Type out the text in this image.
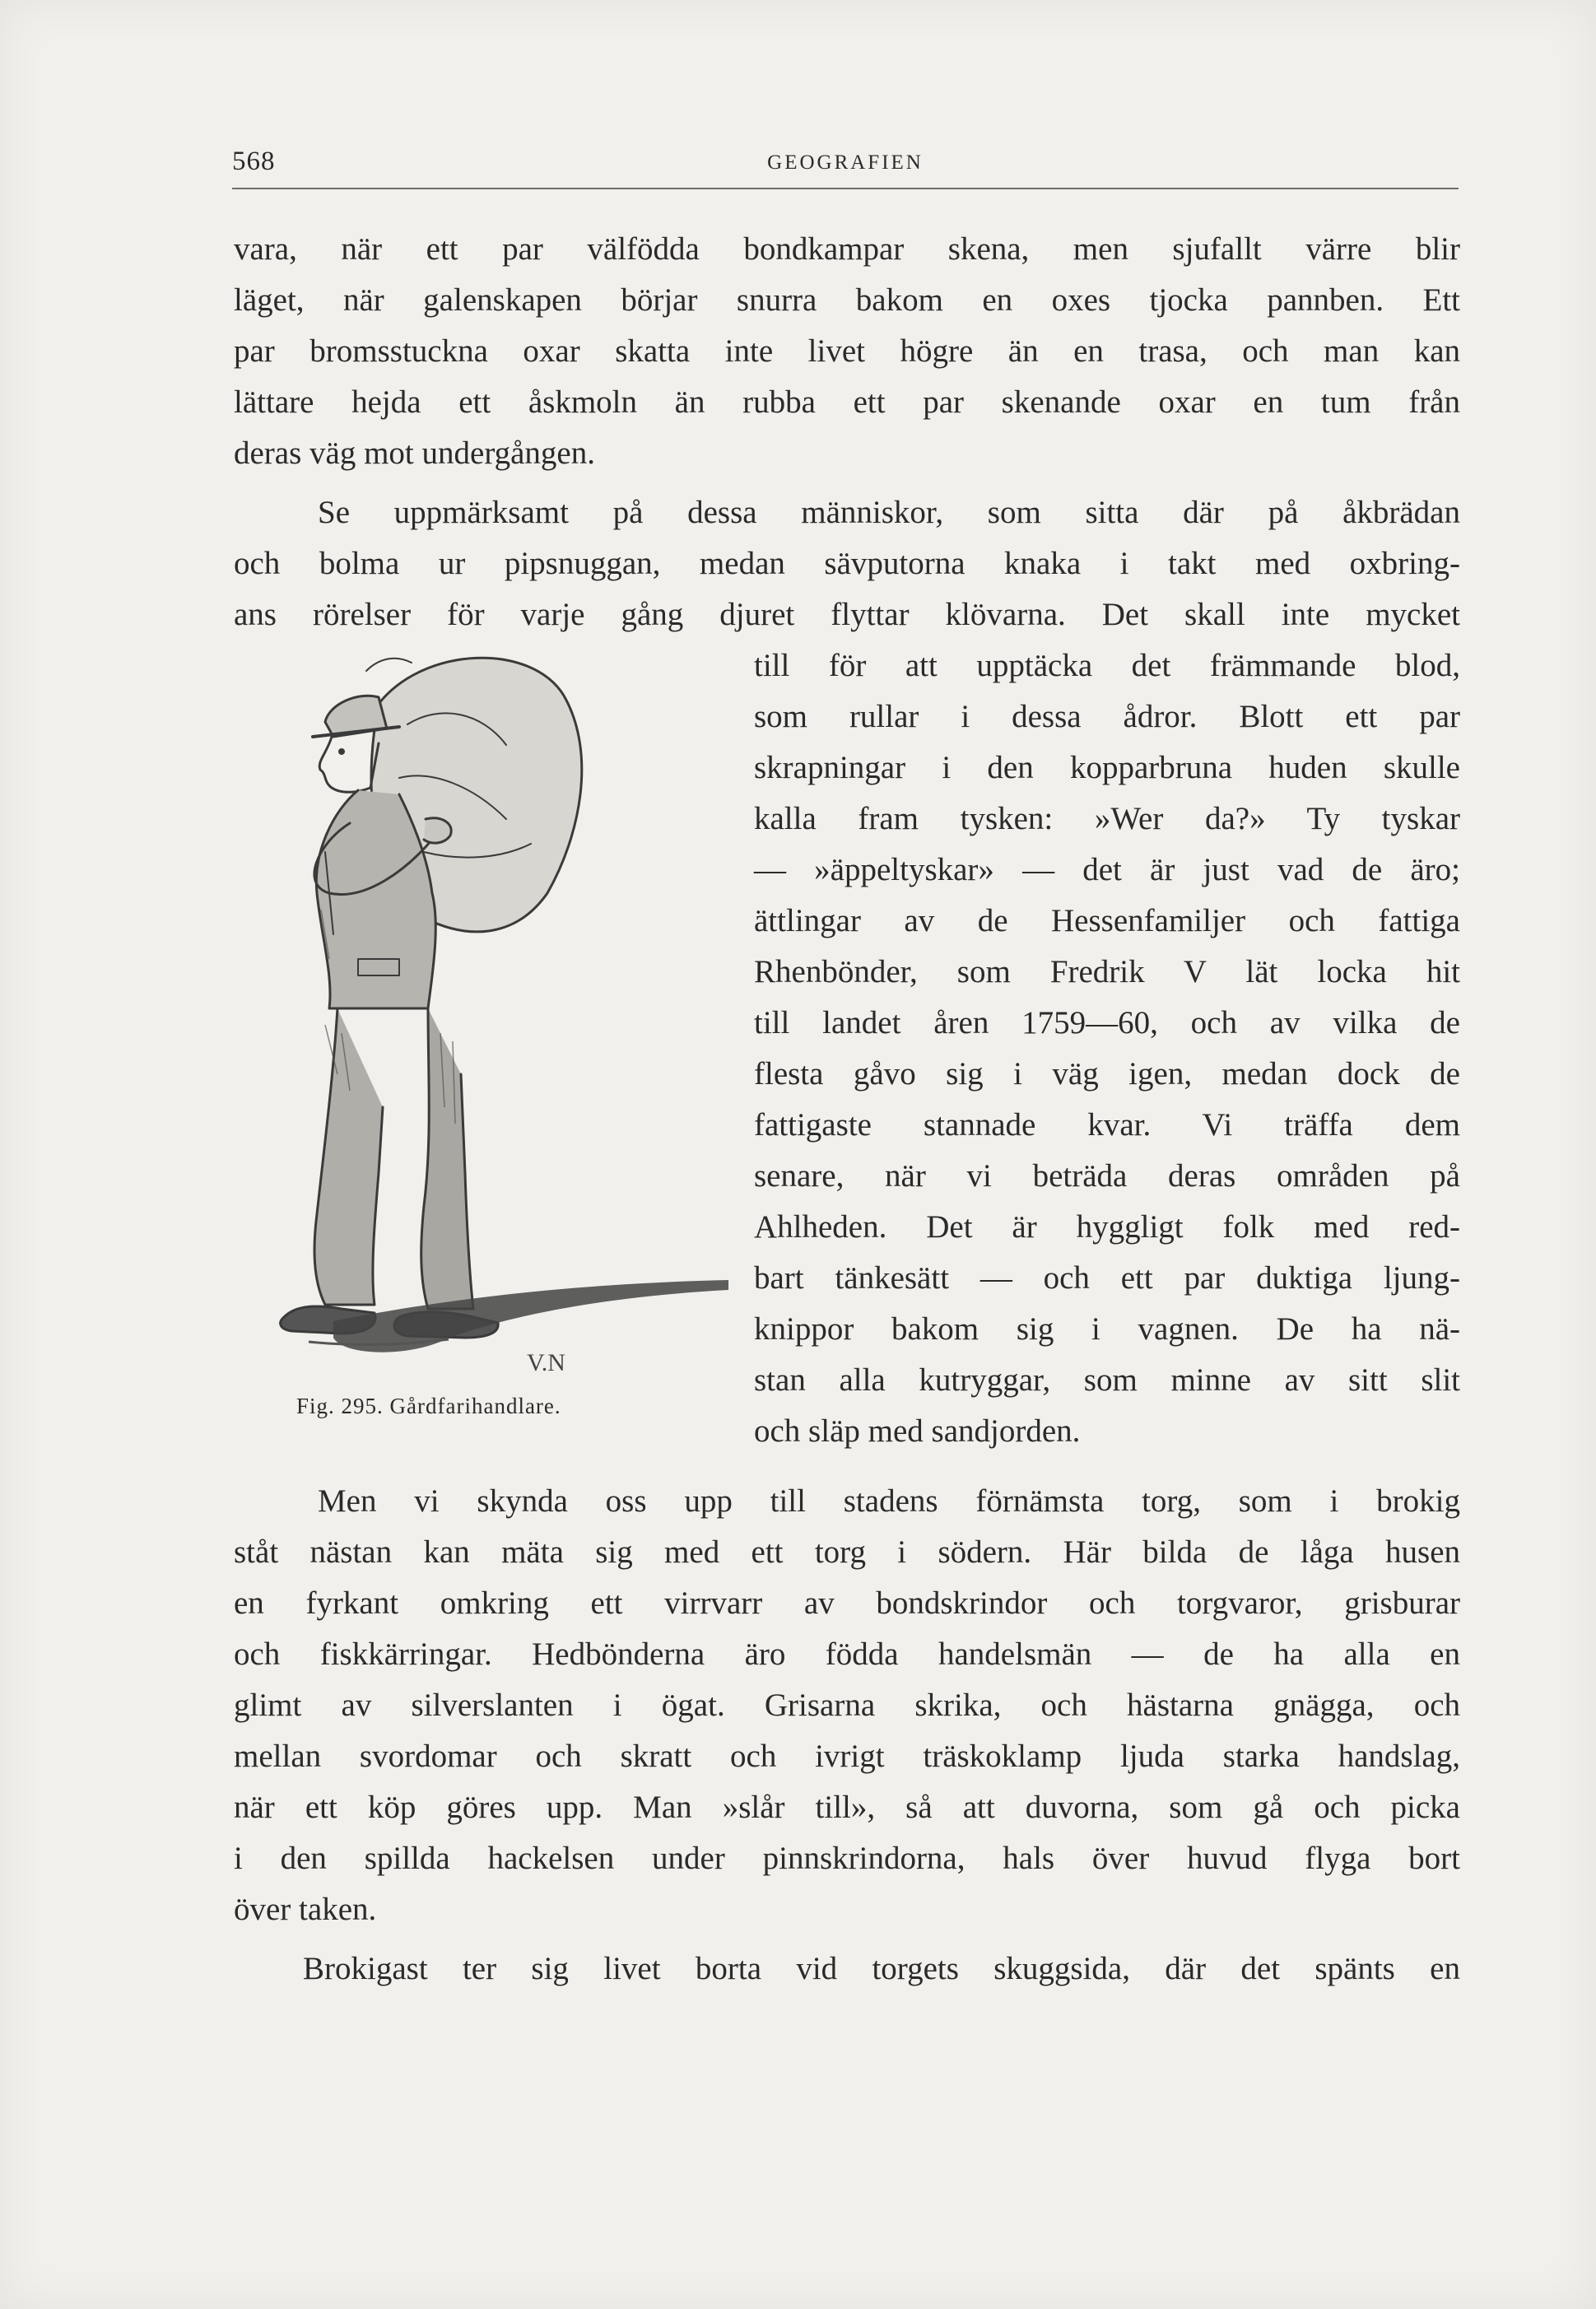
568	GEOGRAFIEN
vara, när ett par välfödda bondkampar skena, men sjufallt värre blir
läget, när galenskapen börjar snurra bakom en oxes tjocka pannben. Ett
par bromsstuckna oxar skatta inte livet högre än en trasa, och man kan
lättare hejda ett åskmoln än rubba ett par skenande oxar en tum från
deras väg mot undergången.
Se uppmärksamt på dessa människor, som sitta där på åkbrädan
och bolma ur pipsnuggan, medan sävputorna knaka i takt med oxbring-
ans rörelser för varje gång djuret flyttar klövarna. Det skall inte mycket
till för att upptäcka det främmande blod,
som rullar i dessa ådror. Blott ett par
skrapningar i den kopparbruna huden skulle
kalla fram tysken: »Wer da?» Ty tyskar
— »äppeltyskar» — det är just vad de äro;
ättlingar av de Hessenfamiljer och fattiga
Rhenbönder, som Fredrik V lät locka hit
till landet åren 1759—60, och av vilka de
flesta gåvo sig i väg igen, medan dock de
fattigaste stannade kvar. Vi träffa dem
senare, när vi beträda deras områden på
Ahlheden. Det är hyggligt folk med red-
bart tänkesätt — och ett par duktiga ljung-
knippor bakom sig i vagnen. De ha nä-
stan alla kutryggar, som minne av sitt slit
och släp med sandjorden.
Men vi skynda oss upp till stadens förnämsta torg, som i brokig
ståt nästan kan mäta sig med ett torg i södern. Här bilda de låga husen
en fyrkant omkring ett virrvarr av bondskrindor och torgvaror, grisburar
och fiskkärringar. Hedbönderna äro födda handelsmän — de ha alla en
glimt av silverslanten i ögat. Grisarna skrika, och hästarna gnägga, och
mellan svordomar och skratt och ivrigt träskoklamp ljuda starka handslag,
när ett köp göres upp. Man »slår till», så att duvorna, som gå och picka
i den spillda hackelsen under pinnskrindorna, hals över huvud flyga bort
över taken.
Brokigast ter sig livet borta vid torgets skuggsida, där det spänts en
V.N
Fig. 295. Gårdfarihandlare.
